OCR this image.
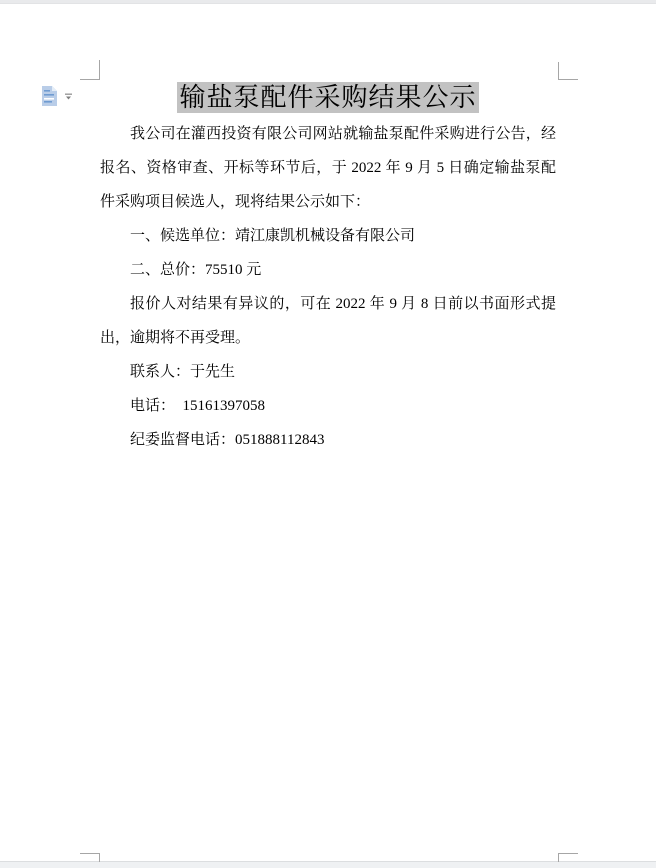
输盐泵配件采购结果公示
我公司在灌西投资有限公司网站就输盐泵配件采购进行公告，经报名、资格审查、开标等环节后，于 2022 年 9 月 5 日确定输盐泵配件采购项目候选人，现将结果公示如下：
一、候选单位：靖江康凯机械设备有限公司
二、总价：75510 元
报价人对结果有异议的，可在 2022 年 9 月 8 日前以书面形式提出，逾期将不再受理。
联系人：于先生
电话：　15161397058
纪委监督电话：051888112843
